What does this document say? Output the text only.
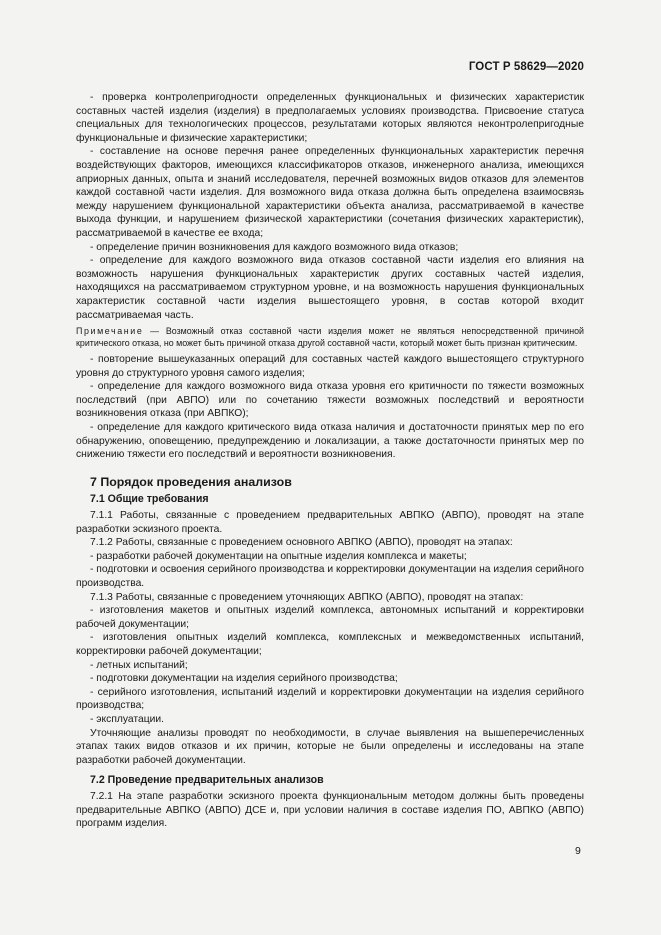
ГОСТ Р 58629—2020

- проверка контролепригодности определенных функциональных и физических характеристик составных частей изделия (изделия) в предполагаемых условиях производства. Присвоение статуса специальных для технологических процессов, результатами которых являются неконтролепригодные функциональные и физические характеристики;

- составление на основе перечня ранее определенных функциональных характеристик перечня воздействующих факторов, имеющихся классификаторов отказов, инженерного анализа, имеющихся априорных данных, опыта и знаний исследователя, перечней возможных видов отказов для элементов каждой составной части изделия. Для возможного вида отказа должна быть определена взаимосвязь между нарушением функциональной характеристики объекта анализа, рассматриваемой в качестве выхода функции, и нарушением физической характеристики (сочетания физических характеристик), рассматриваемой в качестве ее входа;

- определение причин возникновения для каждого возможного вида отказов;

- определение для каждого возможного вида отказов составной части изделия его влияния на возможность нарушения функциональных характеристик других составных частей изделия, находящихся на рассматриваемом структурном уровне, и на возможность нарушения функциональных характеристик составной части изделия вышестоящего уровня, в состав которой входит рассматриваемая часть.

Примечание — Возможный отказ составной части изделия может не являться непосредственной причиной критического отказа, но может быть причиной отказа другой составной части, который может быть признан критическим.

- повторение вышеуказанных операций для составных частей каждого вышестоящего структурного уровня до структурного уровня самого изделия;

- определение для каждого возможного вида отказа уровня его критичности по тяжести возможных последствий (при АВПО) или по сочетанию тяжести возможных последствий и вероятности возникновения отказа (при АВПКО);

- определение для каждого критического вида отказа наличия и достаточности принятых мер по его обнаружению, оповещению, предупреждению и локализации, а также достаточности принятых мер по снижению тяжести его последствий и вероятности возникновения.

7 Порядок проведения анализов
7.1 Общие требования

7.1.1 Работы, связанные с проведением предварительных АВПКО (АВПО), проводят на этапе разработки эскизного проекта.

7.1.2 Работы, связанные с проведением основного АВПКО (АВПО), проводят на этапах:

- разработки рабочей документации на опытные изделия комплекса и макеты;

- подготовки и освоения серийного производства и корректировки документации на изделия серийного производства.

7.1.3 Работы, связанные с проведением уточняющих АВПКО (АВПО), проводят на этапах:

- изготовления макетов и опытных изделий комплекса, автономных испытаний и корректировки рабочей документации;

- изготовления опытных изделий комплекса, комплексных и межведомственных испытаний, корректировки рабочей документации;

- летных испытаний;

- подготовки документации на изделия серийного производства;

- серийного изготовления, испытаний изделий и корректировки документации на изделия серийного производства;

- эксплуатации.

Уточняющие анализы проводят по необходимости, в случае выявления на вышеперечисленных этапах таких видов отказов и их причин, которые не были определены и исследованы на этапе разработки рабочей документации.

7.2 Проведение предварительных анализов

7.2.1 На этапе разработки эскизного проекта функциональным методом должны быть проведены предварительные АВПКО (АВПО) ДСЕ и, при условии наличия в составе изделия ПО, АВПКО (АВПО) программ изделия.

9
